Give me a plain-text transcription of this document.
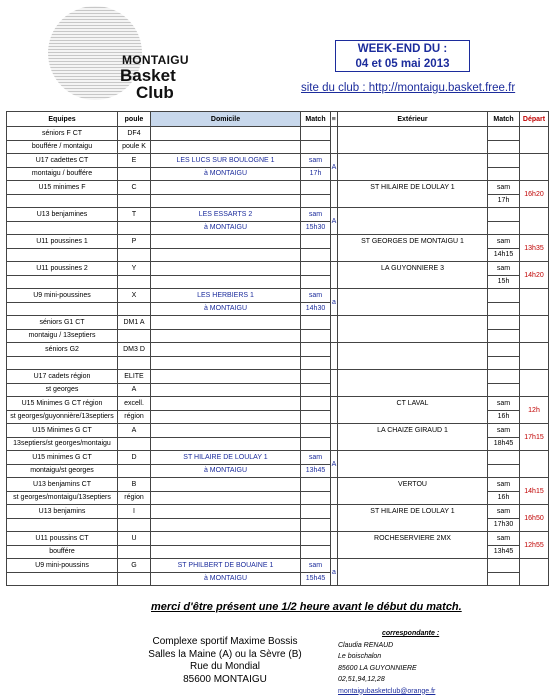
MONTAIGU
Basket
Club
WEEK-END DU :
04 et 05 mai 2013
site du club : http://montaigu.basket.free.fr
Equipes	poule	Domicile	Match	|||	Extérieur	Match	Départ
séniors F CT	DF4						
bouffére / montaigu	poule K						
U17 cadettes CT	E	LES LUCS SUR BOULOGNE 1	sam	A			
montaigu / bouffére		à MONTAIGU	17h				
U15 minimes F	C				ST HILAIRE DE LOULAY 1	sam	16h20
						17h	
U13 benjamines	T	LES ESSARTS 2	sam	A			
		à MONTAIGU	15h30				
U11 poussines 1	P				ST GEORGES DE MONTAIGU 1	sam	13h35
						14h15	
U11 poussines 2	Y				LA GUYONNIERE 3	sam	14h20
						15h	
U9 mini-poussines	X	LES HERBIERS 1	sam	a			
		à MONTAIGU	14h30				
séniors G1 CT	DM1 A						
montaigu / 13septiers							
séniors G2	DM3 D						

U17 cadets région	ELITE						
st georges	A						
U15 Minimes G CT région	excell.				CT LAVAL	sam	12h
st georges/guyonnière/13septiers	région					16h	
U15 Minimes G CT	A				LA CHAIZE GIRAUD 1	sam	17h15
13septiers/st georges/montaigu						18h45	
U15 minimes G CT	D	ST HILAIRE DE LOULAY 1	sam	A			
montaigu/st georges		à MONTAIGU	13h45				
U13 benjamins CT	B				VERTOU	sam	14h15
st georges/montaigu/13septiers	région					16h	
U13 benjamins	I				ST HILAIRE DE LOULAY 1	sam	16h50
						17h30	
U11 poussins CT	U				ROCHESERVIERE 2MX	sam	12h55
bouffére						13h45	
U9 mini-poussins	G	ST PHILBERT DE BOUAINE 1	sam	a			
		à MONTAIGU	15h45				
merci d'être présent une 1/2 heure avant le début du match.
Complexe sportif Maxime Bossis
Salles la Maine (A) ou la Sèvre (B)
Rue du Mondial
85600 MONTAIGU
correspondante :
Claudia RENAUD
Le boischalon
85600 LA GUYONNIERE
02,51,94,12,28
montaigubasketclub@orange.fr
